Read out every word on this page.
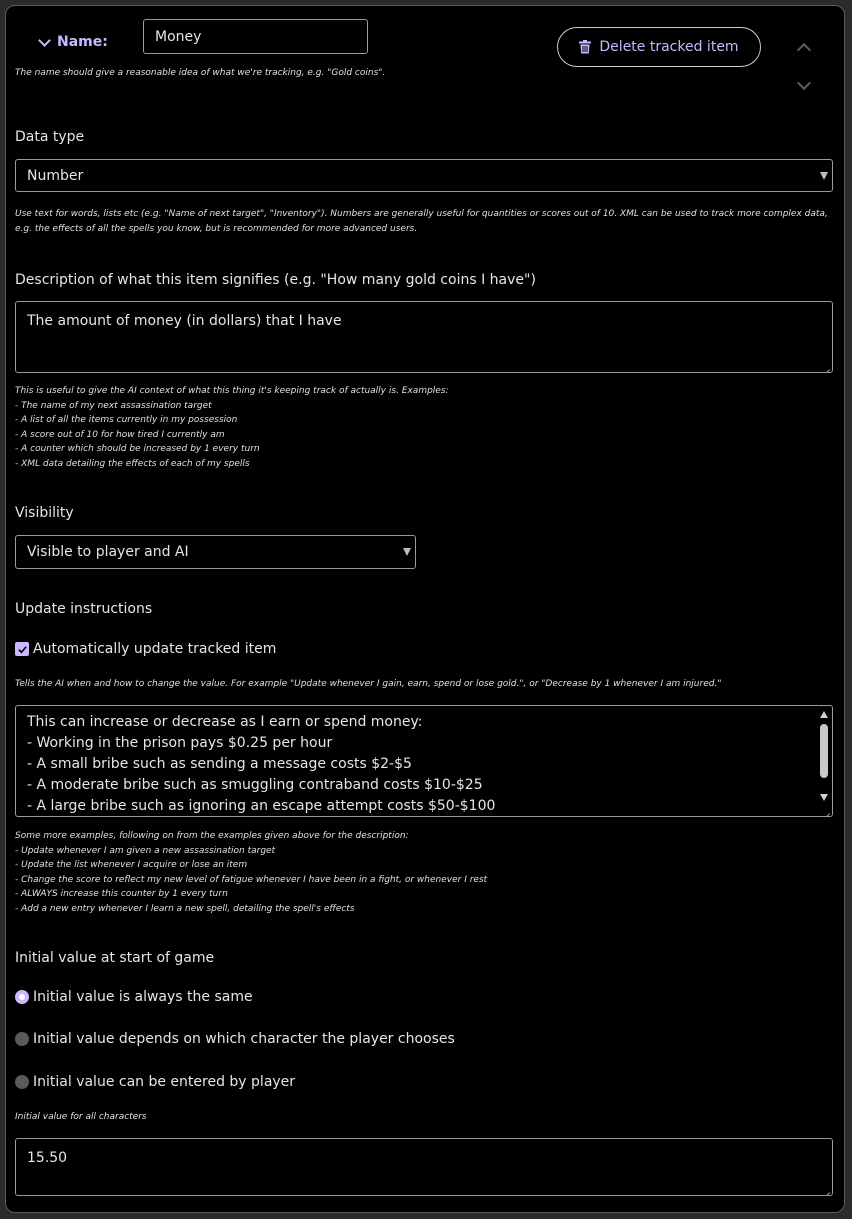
Name:
Money
The name should give a reasonable idea of what we're tracking, e.g. "Gold coins".
Delete tracked item
Data type
Number
Use text for words, lists etc (e.g. "Name of next target", "Inventory"). Numbers are generally useful for quantities or scores out of 10. XML can be used to track more complex data, e.g. the effects of all the spells you know, but is recommended for more advanced users.
Description of what this item signifies (e.g. "How many gold coins I have")
The amount of money (in dollars) that I have
This is useful to give the AI context of what this thing it's keeping track of actually is. Examples:
- The name of my next assassination target
- A list of all the items currently in my possession
- A score out of 10 for how tired I currently am
- A counter which should be increased by 1 every turn
- XML data detailing the effects of each of my spells
Visibility
Visible to player and AI
Update instructions
Automatically update tracked item
Tells the AI when and how to change the value. For example "Update whenever I gain, earn, spend or lose gold.", or "Decrease by 1 whenever I am injured."
This can increase or decrease as I earn or spend money:
- Working in the prison pays $0.25 per hour
- A small bribe such as sending a message costs $2-$5
- A moderate bribe such as smuggling contraband costs $10-$25
- A large bribe such as ignoring an escape attempt costs $50-$100
Some more examples, following on from the examples given above for the description:
- Update whenever I am given a new assassination target
- Update the list whenever I acquire or lose an item
- Change the score to reflect my new level of fatigue whenever I have been in a fight, or whenever I rest
- ALWAYS increase this counter by 1 every turn
- Add a new entry whenever I learn a new spell, detailing the spell's effects
Initial value at start of game
Initial value is always the same
Initial value depends on which character the player chooses
Initial value can be entered by player
Initial value for all characters
15.50
